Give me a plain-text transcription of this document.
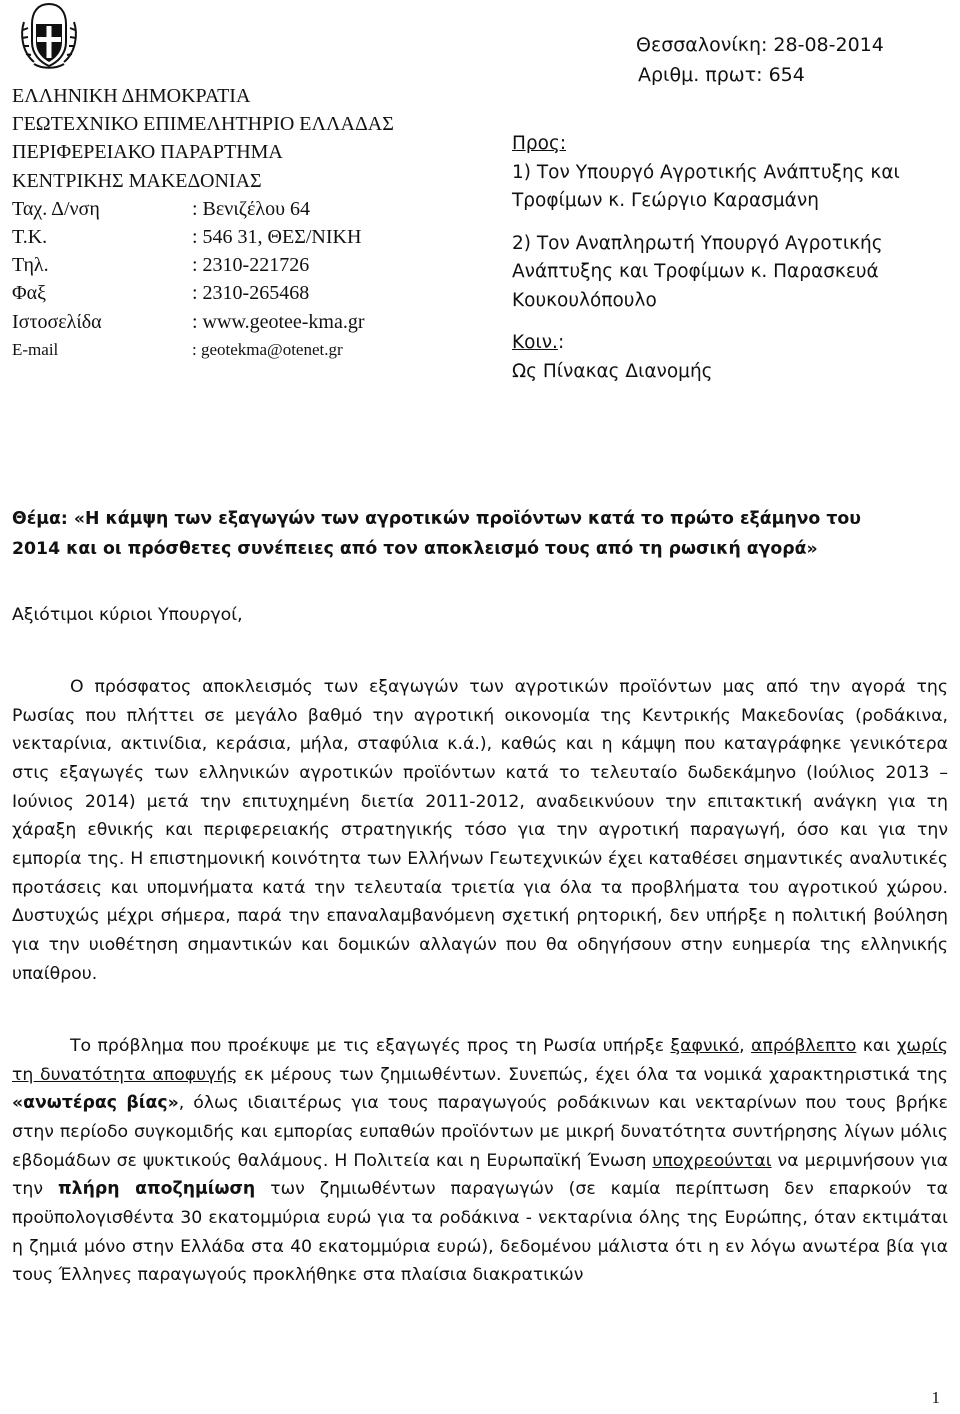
ΕΛΛΗΝΙΚΗ ΔΗΜΟΚΡΑΤΙΑ
ΓΕΩΤΕΧΝΙΚΟ ΕΠΙΜΕΛΗΤΗΡΙΟ ΕΛΛΑΔΑΣ
ΠΕΡΙΦΕΡΕΙΑΚΟ ΠΑΡΑΡΤΗΜΑ
ΚΕΝΤΡΙΚΗΣ ΜΑΚΕΔΟΝΙΑΣ
Ταχ. Δ/νση	: Βενιζέλου 64
Τ.Κ.	: 546 31, ΘΕΣ/ΝΙΚΗ
Τηλ.	: 2310-221726
Φαξ	: 2310-265468
Ιστοσελίδα	: www.geotee-kma.gr
E-mail	: geotekma@otenet.gr
Θεσσαλονίκη: 28-08-2014
Αριθμ. πρωτ: 654
Προς:
1) Τον Υπουργό Αγροτικής Ανάπτυξης και
Τροφίμων κ. Γεώργιο Καρασμάνη
2) Τον Αναπληρωτή Υπουργό Αγροτικής
Ανάπτυξης και Τροφίμων κ. Παρασκευά
Κουκουλόπουλο
Κοιν.:
Ως Πίνακας Διανομής
Θέμα: «Η κάμψη των εξαγωγών των αγροτικών προϊόντων κατά το πρώτο εξάμηνο του
2014 και οι πρόσθετες συνέπειες από τον αποκλεισμό τους από τη ρωσική αγορά»
Αξιότιμοι κύριοι Υπουργοί,
Ο πρόσφατος αποκλεισμός των εξαγωγών των αγροτικών προϊόντων μας από την αγορά της Ρωσίας που πλήττει σε μεγάλο βαθμό την αγροτική οικονομία της Κεντρικής Μακεδονίας (ροδάκινα, νεκταρίνια, ακτινίδια, κεράσια, μήλα, σταφύλια κ.ά.), καθώς και η κάμψη που καταγράφηκε γενικότερα στις εξαγωγές των ελληνικών αγροτικών προϊόντων κατά το τελευταίο δωδεκάμηνο (Ιούλιος 2013 – Ιούνιος 2014) μετά την επιτυχημένη διετία 2011-2012, αναδεικνύουν την επιτακτική ανάγκη για τη χάραξη εθνικής και περιφερειακής στρατηγικής τόσο για την αγροτική παραγωγή, όσο και για την εμπορία της. Η επιστημονική κοινότητα των Ελλήνων Γεωτεχνικών έχει καταθέσει σημαντικές αναλυτικές προτάσεις και υπομνήματα κατά την τελευταία τριετία για όλα τα προβλήματα του αγροτικού χώρου. Δυστυχώς μέχρι σήμερα, παρά την επαναλαμβανόμενη σχετική ρητορική, δεν υπήρξε η πολιτική βούληση για την υιοθέτηση σημαντικών και δομικών αλλαγών που θα οδηγήσουν στην ευημερία της ελληνικής υπαίθρου.
Το πρόβλημα που προέκυψε με τις εξαγωγές προς τη Ρωσία υπήρξε ξαφνικό, απρόβλεπτο και χωρίς τη δυνατότητα αποφυγής εκ μέρους των ζημιωθέντων. Συνεπώς, έχει όλα τα νομικά χαρακτηριστικά της «ανωτέρας βίας», όλως ιδιαιτέρως για τους παραγωγούς ροδάκινων και νεκταρίνων που τους βρήκε στην περίοδο συγκομιδής και εμπορίας ευπαθών προϊόντων με μικρή δυνατότητα συντήρησης λίγων μόλις εβδομάδων σε ψυκτικούς θαλάμους. Η Πολιτεία και η Ευρωπαϊκή Ένωση υποχρεούνται να μεριμνήσουν για την πλήρη αποζημίωση των ζημιωθέντων παραγωγών (σε καμία περίπτωση δεν επαρκούν τα προϋπολογισθέντα 30 εκατομμύρια ευρώ για τα ροδάκινα - νεκταρίνια όλης της Ευρώπης, όταν εκτιμάται η ζημιά μόνο στην Ελλάδα στα 40 εκατομμύρια ευρώ), δεδομένου μάλιστα ότι η εν λόγω ανωτέρα βία για τους Έλληνες παραγωγούς προκλήθηκε στα πλαίσια διακρατικών
1
